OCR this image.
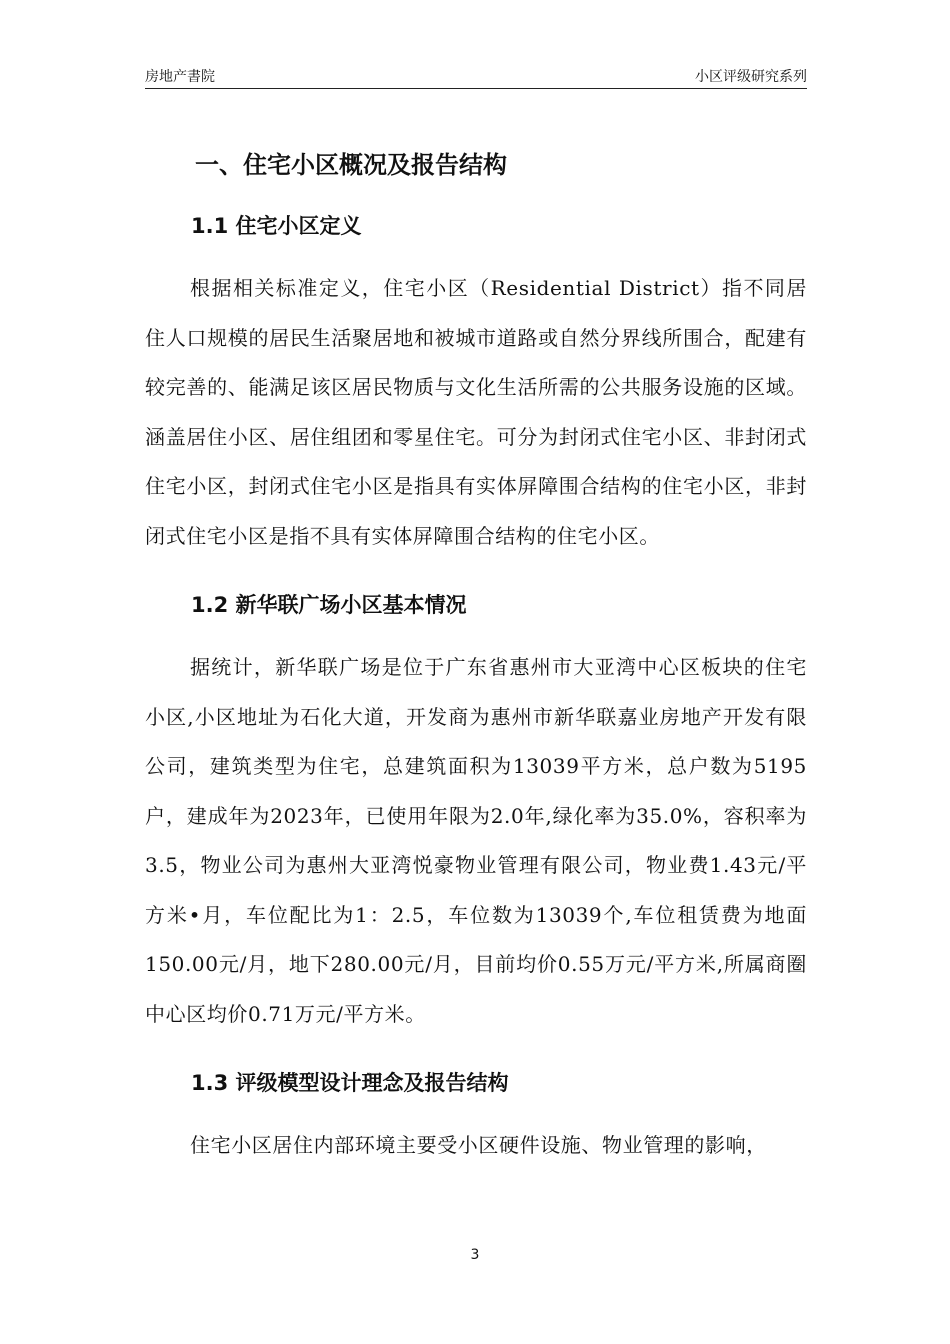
房地产書院	小区评级研究系列
一、住宅小区概况及报告结构
1.1 住宅小区定义

根据相关标准定义，住宅小区（Residential District）指不同居住人口规模的居民生活聚居地和被城市道路或自然分界线所围合，配建有较完善的、能满足该区居民物质与文化生活所需的公共服务设施的区域。涵盖居住小区、居住组团和零星住宅。可分为封闭式住宅小区、非封闭式住宅小区，封闭式住宅小区是指具有实体屏障围合结构的住宅小区，非封闭式住宅小区是指不具有实体屏障围合结构的住宅小区。

1.2 新华联广场小区基本情况

据统计，新华联广场是位于广东省惠州市大亚湾中心区板块的住宅小区,小区地址为石化大道，开发商为惠州市新华联嘉业房地产开发有限公司，建筑类型为住宅，总建筑面积为13039平方米，总户数为5195户，建成年为2023年，已使用年限为2.0年,绿化率为35.0%，容积率为3.5，物业公司为惠州大亚湾悦豪物业管理有限公司，物业费1.43元/平方米•月，车位配比为1：2.5，车位数为13039个,车位租赁费为地面150.00元/月，地下280.00元/月，目前均价0.55万元/平方米,所属商圈中心区均价0.71万元/平方米。

1.3 评级模型设计理念及报告结构

住宅小区居住内部环境主要受小区硬件设施、物业管理的影响，

3
